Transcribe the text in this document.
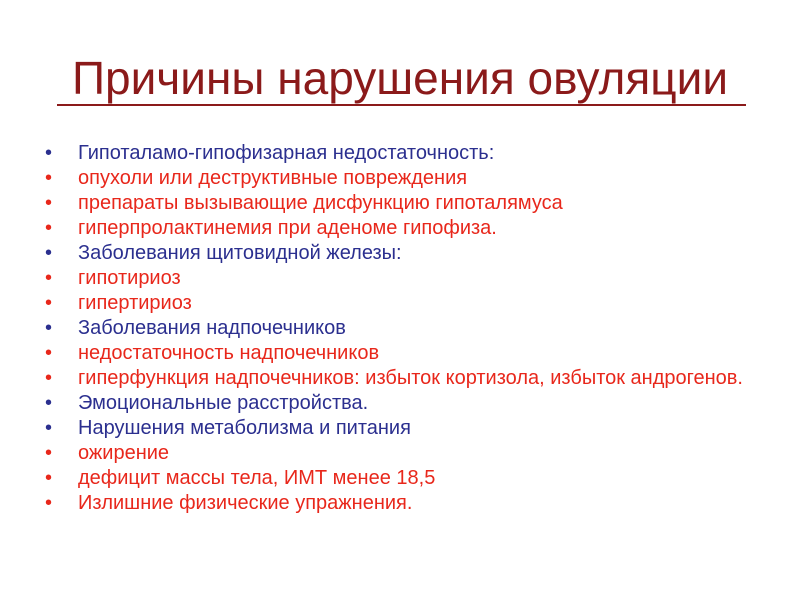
Причины нарушения овуляции
•	Гипоталамо-гипофизарная недостаточность:
•	опухоли или деструктивные повреждения
•	препараты вызывающие дисфункцию гипоталямуса
•	гиперпролактинемия при аденоме гипофиза.
•	Заболевания щитовидной железы:
•	гипотириоз
•	гипертириоз
•	Заболевания надпочечников
•	недостаточность надпочечников
•	гиперфункция надпочечников: избыток кортизола, избыток андрогенов.
•	Эмоциональные расстройства.
•	Нарушения метаболизма и питания
•	ожирение
•	дефицит массы тела, ИМТ менее 18,5
•	Излишние физические упражнения.
